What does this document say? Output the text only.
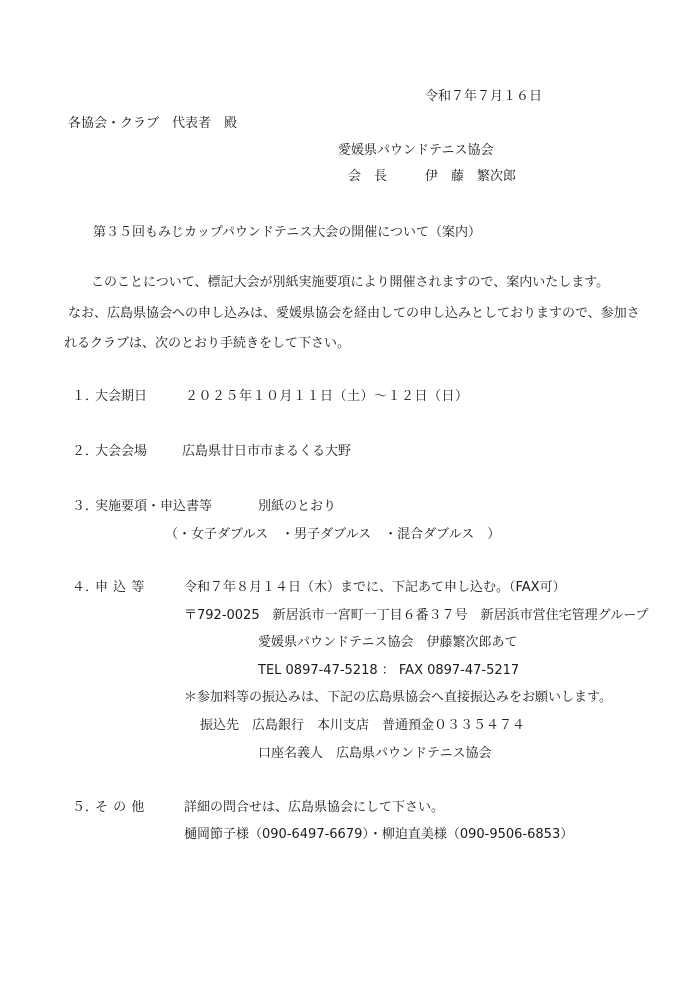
令和７年７月１６日
各協会・クラブ　代表者　殿
愛媛県パウンドテニス協会
会　長	伊　藤　繁次郎
第３５回もみじカップパウンドテニス大会の開催について（案内）
このことについて、標記大会が別紙実施要項により開催されますので、案内いたします。
なお、広島県協会への申し込みは、愛媛県協会を経由しての申し込みとしておりますので、参加さ
れるクラブは、次のとおり手続きをして下さい。
１．
大会期日	２０２５年１０月１１日（土）～１２日（日）
２．
大会会場	広島県廿日市市まるくる大野
３．
実施要項・申込書等	別紙のとおり
（・女子ダブルス　・男子ダブルス　・混合ダブルス　）
４．
申 込 等	令和７年８月１４日（木）までに、下記あて申し込む。（FAX可）
〒792-0025　新居浜市一宮町一丁目６番３７号　新居浜市営住宅管理グループ
愛媛県パウンドテニス協会　伊藤繁次郎あて
TEL 0897-47-5218 ： FAX 0897-47-5217
＊参加料等の振込みは、下記の広島県協会へ直接振込みをお願いします。
振込先　広島銀行　本川支店　普通預金０３３５４７４
口座名義人　広島県パウンドテニス協会
５．
そ の 他	詳細の問合せは、広島県協会にして下さい。
樋岡節子様（090-6497-6679）・柳迫直美様（090-9506-6853）
